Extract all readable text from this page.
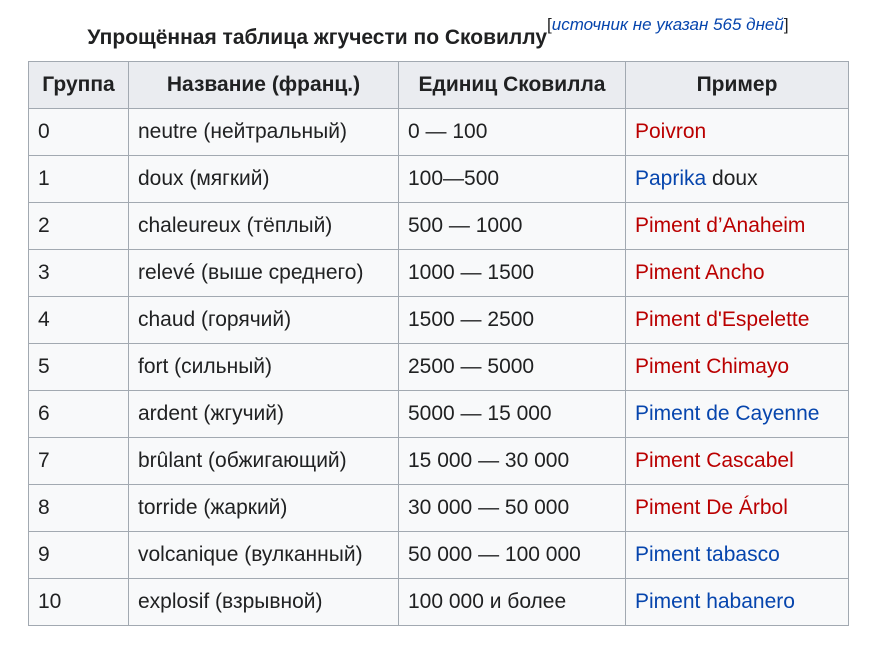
Упрощённая таблица жгучести по Сковиллу[источник не указан 565 дней]
Группа	Название (франц.)	Единиц Сковилла	Пример
0	neutre (нейтральный)	0 — 100	Poivron
1	doux (мягкий)	100—500	Paprika doux
2	chaleureux (тёплый)	500 — 1000	Piment d’Anaheim
3	relevé (выше среднего)	1000 — 1500	Piment Ancho
4	chaud (горячий)	1500 — 2500	Piment d'Espelette
5	fort (сильный)	2500 — 5000	Piment Chimayo
6	ardent (жгучий)	5000 — 15 000	Piment de Cayenne
7	brûlant (обжигающий)	15 000 — 30 000	Piment Cascabel
8	torride (жаркий)	30 000 — 50 000	Piment De Árbol
9	volcanique (вулканный)	50 000 — 100 000	Piment tabasco
10	explosif (взрывной)	100 000 и более	Piment habanero
